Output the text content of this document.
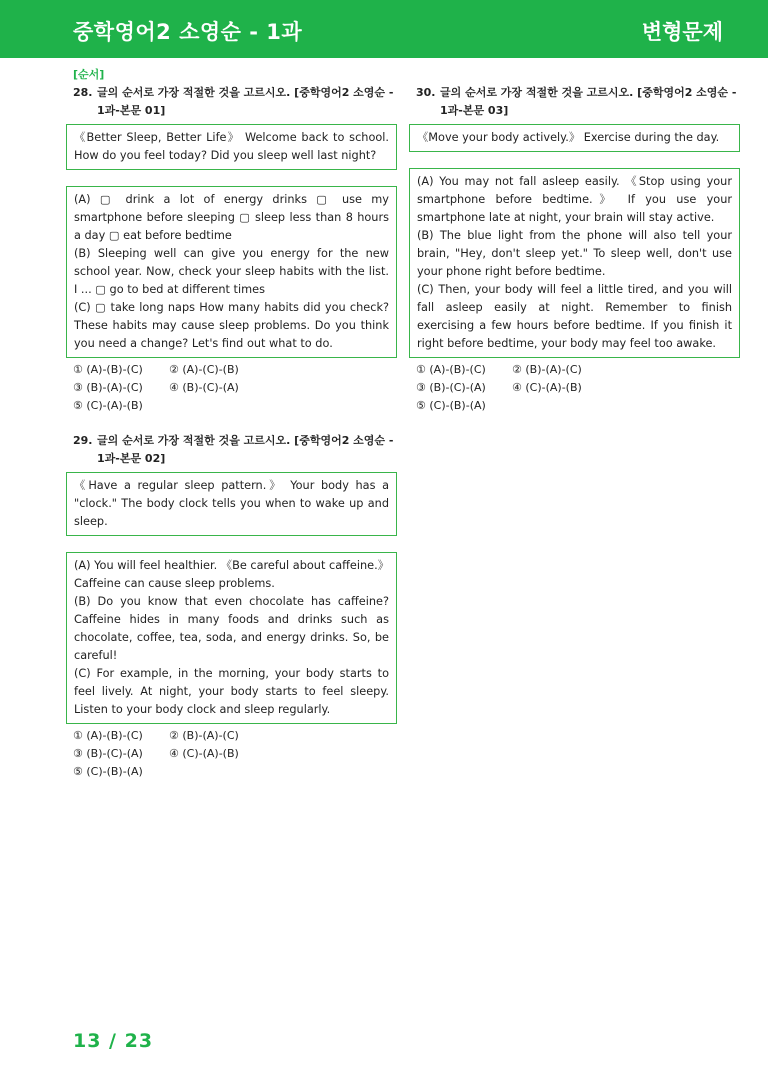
중학영어2 소영순 - 1과	변형문제
[순서]
28. 글의 순서로 가장 적절한 것을 고르시오. [중학영어2 소영순 -
1과-본문 01]
《Better Sleep, Better Life》 Welcome back to school. How do you feel today? Did you sleep well last night?
(A) ▢ drink a lot of energy drinks ▢ use my smartphone before sleeping ▢ sleep less than 8 hours a day ▢ eat before bedtime
(B) Sleeping well can give you energy for the new school year. Now, check your sleep habits with the list. I ... ▢ go to bed at different times
(C) ▢ take long naps How many habits did you check? These habits may cause sleep problems. Do you think you need a change? Let's find out what to do.
① (A)-(B)-(C)	② (A)-(C)-(B)
③ (B)-(A)-(C)	④ (B)-(C)-(A)
⑤ (C)-(A)-(B)
29. 글의 순서로 가장 적절한 것을 고르시오. [중학영어2 소영순 -
1과-본문 02]
《Have a regular sleep pattern.》 Your body has a "clock." The body clock tells you when to wake up and sleep.
(A) You will feel healthier. 《Be careful about caffeine.》 Caffeine can cause sleep problems.
(B) Do you know that even chocolate has caffeine? Caffeine hides in many foods and drinks such as chocolate, coffee, tea, soda, and energy drinks. So, be careful!
(C) For example, in the morning, your body starts to feel lively. At night, your body starts to feel sleepy. Listen to your body clock and sleep regularly.
① (A)-(B)-(C)	② (B)-(A)-(C)
③ (B)-(C)-(A)	④ (C)-(A)-(B)
⑤ (C)-(B)-(A)
30. 글의 순서로 가장 적절한 것을 고르시오. [중학영어2 소영순 -
1과-본문 03]
《Move your body actively.》 Exercise during the day.
(A) You may not fall asleep easily. 《Stop using your smartphone before bedtime.》 If you use your smartphone late at night, your brain will stay active.
(B) The blue light from the phone will also tell your brain, "Hey, don't sleep yet." To sleep well, don't use your phone right before bedtime.
(C) Then, your body will feel a little tired, and you will fall asleep easily at night. Remember to finish exercising a few hours before bedtime. If you finish it right before bedtime, your body may feel too awake.
① (A)-(B)-(C)	② (B)-(A)-(C)
③ (B)-(C)-(A)	④ (C)-(A)-(B)
⑤ (C)-(B)-(A)
13 / 23
